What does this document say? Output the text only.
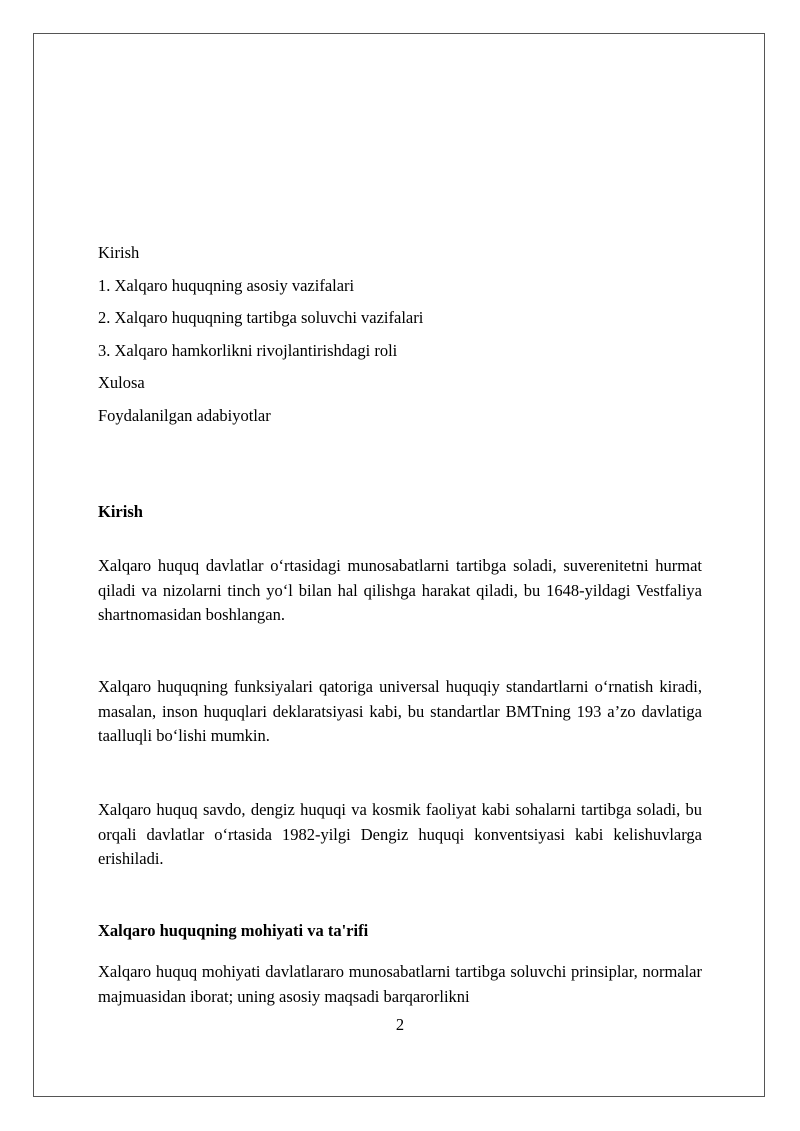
Kirish
1. Xalqaro huquqning asosiy vazifalari
2. Xalqaro huquqning tartibga soluvchi vazifalari
3. Xalqaro hamkorlikni rivojlantirishdagi roli
Xulosa
Foydalanilgan adabiyotlar
Kirish
Xalqaro huquq davlatlar o‘rtasidagi munosabatlarni tartibga soladi, suverenitetni hurmat qiladi va nizolarni tinch yo‘l bilan hal qilishga harakat qiladi, bu 1648-yildagi Vestfaliya shartnomasidan boshlangan.
Xalqaro huquqning funksiyalari qatoriga universal huquqiy standartlarni o‘rnatish kiradi, masalan, inson huquqlari deklaratsiyasi kabi, bu standartlar BMTning 193 a’zo davlatiga taalluqli bo‘lishi mumkin.
Xalqaro huquq savdo, dengiz huquqi va kosmik faoliyat kabi sohalarni tartibga soladi, bu orqali davlatlar o‘rtasida 1982-yilgi Dengiz huquqi konventsiyasi kabi kelishuvlarga erishiladi.
Xalqaro huquqning mohiyati va ta'rifi
Xalqaro huquq mohiyati davlatlararo munosabatlarni tartibga soluvchi prinsiplar, normalar majmuasidan iborat; uning asosiy maqsadi barqarorlikni
2
